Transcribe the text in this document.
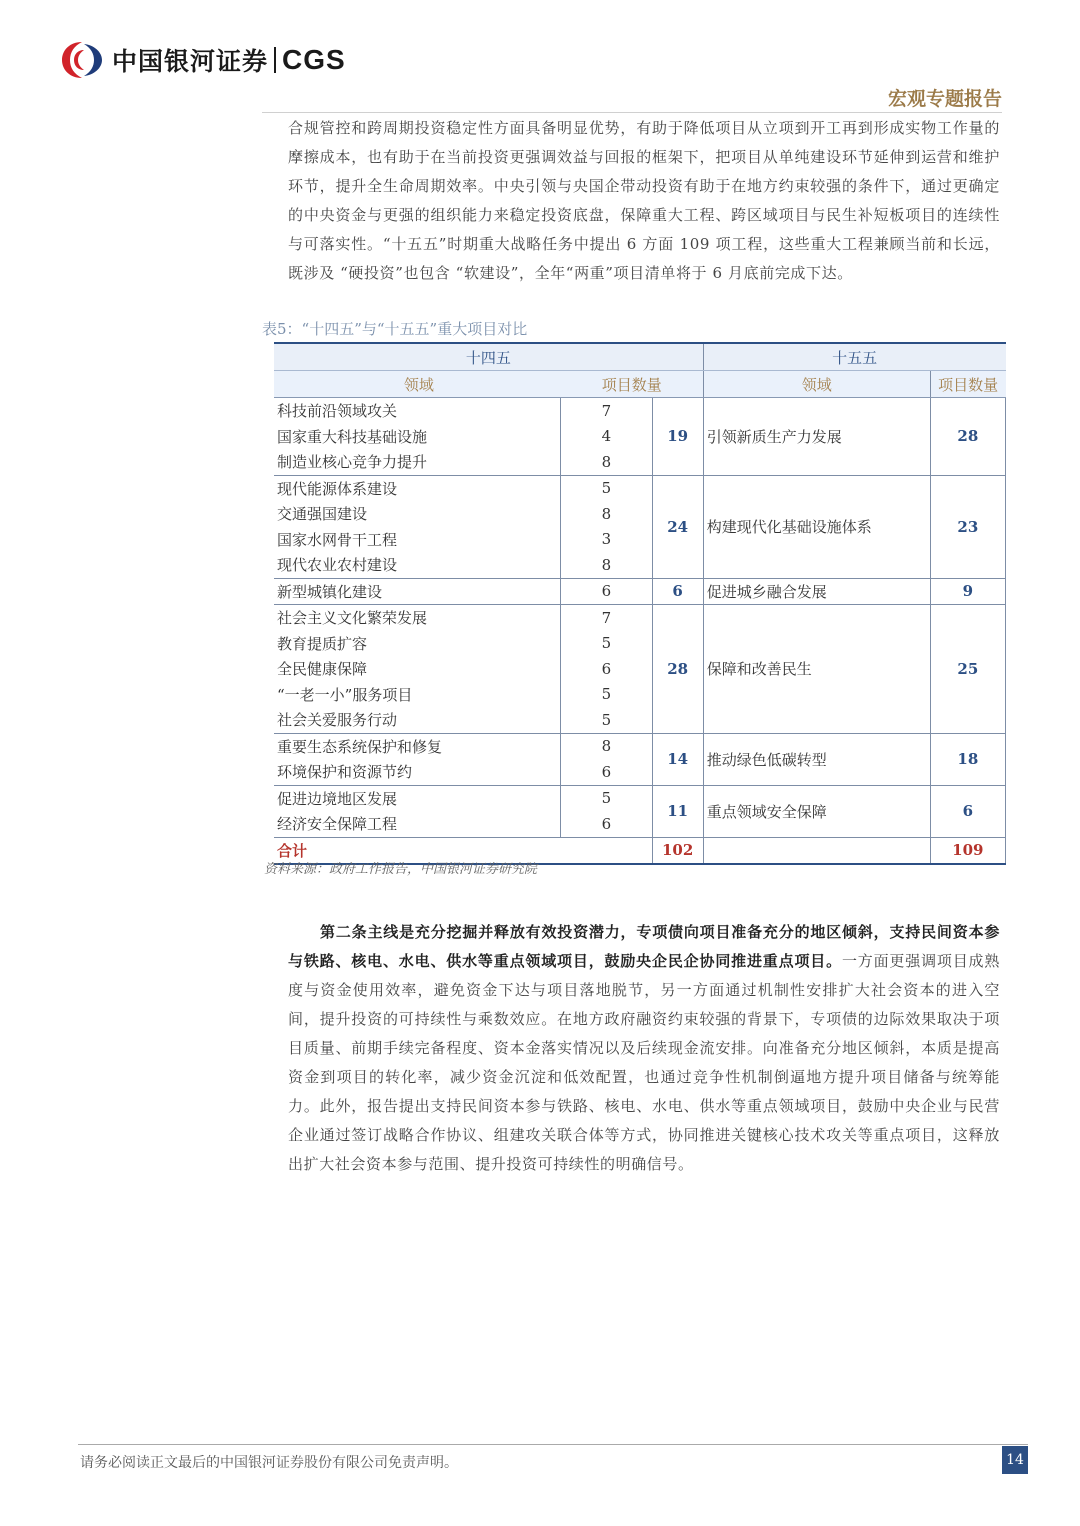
中国银河证券 CGS
宏观专题报告
合规管控和跨周期投资稳定性方面具备明显优势，有助于降低项目从立项到开工再到形成实物工作量的摩擦成本，也有助于在当前投资更强调效益与回报的框架下，把项目从单纯建设环节延伸到运营和维护环节，提升全生命周期效率。中央引领与央国企带动投资有助于在地方约束较强的条件下，通过更确定的中央资金与更强的组织能力来稳定投资底盘，保障重大工程、跨区域项目与民生补短板项目的连续性与可落实性。“十五五”时期重大战略任务中提出 6 方面 109 项工程，这些重大工程兼顾当前和长远，既涉及 “硬投资”也包含 “软建设”，全年“两重”项目清单将于 6 月底前完成下达。
表5：“十四五”与“十五五”重大项目对比
十四五			十五五	
领域	项目数量		领域	项目数量
科技前沿领域攻关	7	19	引领新质生产力发展	28
国家重大科技基础设施	4			
制造业核心竞争力提升	8			
现代能源体系建设	5	24	构建现代化基础设施体系	23
交通强国建设	8			
国家水网骨干工程	3			
现代农业农村建设	8			
新型城镇化建设	6	6	促进城乡融合发展	9
社会主义文化繁荣发展	7	28	保障和改善民生	25
教育提质扩容	5			
全民健康保障	6			
“一老一小”服务项目	5			
社会关爱服务行动	5			
重要生态系统保护和修复	8	14	推动绿色低碳转型	18
环境保护和资源节约	6			
促进边境地区发展	5	11	重点领域安全保障	6
经济安全保障工程	6			
合计		102		109
资料来源：政府工作报告，中国银河证券研究院
第二条主线是充分挖掘并释放有效投资潜力，专项债向项目准备充分的地区倾斜，支持民间资本参与铁路、核电、水电、供水等重点领域项目，鼓励央企民企协同推进重点项目。一方面更强调项目成熟度与资金使用效率，避免资金下达与项目落地脱节，另一方面通过机制性安排扩大社会资本的进入空间，提升投资的可持续性与乘数效应。在地方政府融资约束较强的背景下，专项债的边际效果取决于项目质量、前期手续完备程度、资本金落实情况以及后续现金流安排。向准备充分地区倾斜，本质是提高资金到项目的转化率，减少资金沉淀和低效配置，也通过竞争性机制倒逼地方提升项目储备与统筹能力。此外，报告提出支持民间资本参与铁路、核电、水电、供水等重点领域项目，鼓励中央企业与民营企业通过签订战略合作协议、组建攻关联合体等方式，协同推进关键核心技术攻关等重点项目，这释放出扩大社会资本参与范围、提升投资可持续性的明确信号。
请务必阅读正文最后的中国银河证券股份有限公司免责声明。	14
